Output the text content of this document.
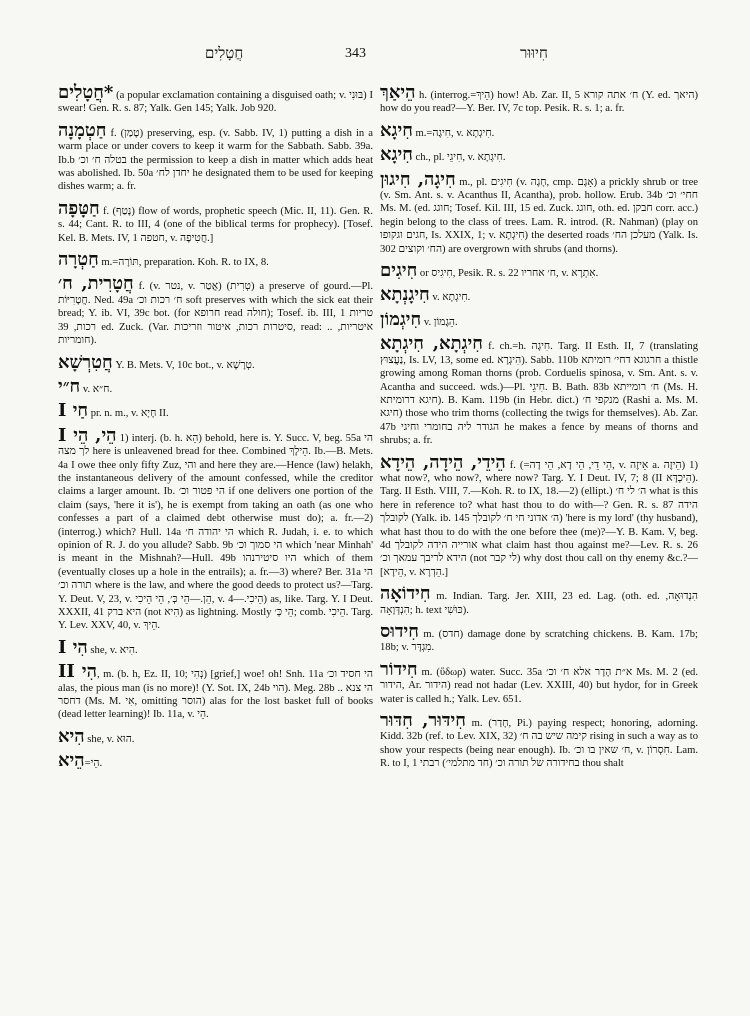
חֲטָלִים	343	חִיוּוּר

*חֲטָלִים (a popular exclamation containing a disguised oath; v. בּוּנִי) I swear! Gen. R. s. 87; Yalk. Gen 145; Yalk. Job 920.

חַטְמָנָה f. (טָמַן) preserving, esp. (v. Sabb. IV, 1) putting a dish in a warm place or under covers to keep it warm for the Sabbath. Sabb. 39a. Ib.b בטלה ח׳ וכ׳ the permission to keep a dish in matter which adds heat was abolished. Ib. 50a יחדן לח׳ he designated them to be used for keeping dishes warm; a. fr.

חַטָּפָה f. (נָטַף) flow of words, prophetic speech (Mic. II, 11). Gen. R. s. 44; Cant. R. to III, 4 (one of the biblical terms for prophecy). [Tosef. Kel. B. Mets. IV, 1 חטפה, v. חֲטִיפָה.]

חַטְרָה m.=תּוֹרָה, preparation. Koh. R. to IX, 8.

חֲטָרִית, ח׳ f. (v. נטר, v. אֲטַר) (טְרִית) a preserve of gourd.—Pl. חֲטָרִיּוֹת. Ned. 49a ח׳ רכות וכ׳ soft preserves with which the sick eat their bread; Y. ib. VI, 39c bot. (for חרופא read חולה); Tosef. ib. III, 1 טריות רכות, 39 ed. Zuck. (Var. סיטרות רכות, איטור וזריכות, read: .. איטריות, חומריות).

חֲטִרְשָׁא Y. B. Mets. V, 10c bot., v. טְרָשָׁא.

ח״י v. ח״א.

חַי I pr. n. m., v. חָיָא II.

הֵי, הֵי I 1) interj. (b. h. הֵא) behold, here is. Y. Succ. V, beg. 55a הי לך מצה here is unleavened bread for thee. Combined הֵילָךְ. Ib.—B. Mets. 4a I owe thee only fifty Zuz, והי and here they are.—Hence (law) helakh, the instantaneous delivery of the amount confessed, while the creditor claims a larger amount. Ib. הי פטור וכ׳ if one delivers one portion of the claim (says, 'here it is'), he is exempt from taking an oath (as one who confesses a part of a claimed debt otherwise must do); a. fr.—2) (interrog.) which? Hull. 14a הי יהודה ח׳ which R. Judah, i. e. to which opinion of R. J. do you allude? Sabb. 9b הי סמוך וכ׳ which 'near Minhah' is meant in the Mishnah?—Hull. 49b היו סיטירנהו which of them (eventually closes up a hole in the entrails); a. fr.—3) where? Ber. 31a הי תורה וכ׳ where is the law, and where the good deeds to protect us?—Targ. Y. Deut. V, 23, v. הֵן.—הֵי כְּ׳, הֵי הֵיכִי, v. הֵיכִי.—4) as, like. Targ. Y. I Deut. XXXII, 41 היא ברק (not הִיא) as lightning. Mostly הֵי כְּ׳; comb. הֵיכִי. Targ. Y. Lev. XXV, 40, v. הֵיךְ.

הִי I she, v. הִיא.

הִי II, m. (b. h, Ez. II, 10; נְהִי) [grief,] woe! oh! Snh. 11a הי חסיד וכ׳ alas, the pious man (is no more)! (Y. Sot. IX, 24b הוי). Meg. 28b הי צנא .. דחסר (Ms. M. אִי, omitting הוסר) alas for the lost basket full of books (dead letter learning)! Ib. 11a, v. הֵי.

הִיא she, v. הוּא.

הֵיא=הֵי.

הֵיאַךְ h. (interrog.=הֵיךְ) how! Ab. Zar. II, 5 ח׳ אתה קורא (Y. ed. היאך) how do you read?—Y. Ber. IV, 7c top. Pesik. R. s. 1; a. fr.

חִיגָא m.=חִיגָה, v. חִיגְתָא.

חִיגָא ch., pl. חִיגֵי, v. חִיגְתָא.

חִיגָה, חִיגוּן m., pl. חִיגִים (v. חָגָה, cmp. אָגָם) a prickly shrub or tree (v. Sm. Ant. s. v. Acanthus II, Acantha), prob. hollow. Erub. 34b חחי׳ וכ׳ Ms. M. (ed. חוגג; Tosef. Kil. III, 15 ed. Zuck. חוגג, oth. ed. חבקן corr. acc.) hegin belong to the class of trees. Lam. R. introd. (R. Nahman) (play on חגים וגקופו, Is. XXIX, 1; v. חִיגְתָא) the deserted roads מעלכן הח׳ (Yalk. Is. 302 הח׳ וקוצים) are overgrown with shrubs (and thorns).

חִיגִים or חִיגִיס, Pesik. R. s. 22 ח׳ אחריו, v. אִתְרָא.

חִיגָנְתָא v. חִיגְתָא.

חִיגְמוֹן v. הֵגֶמוֹן.

חִיגְתָא, חִיגְתָא f. ch.=h. חִיגָה. Targ. II Esth. II, 7 (translating נַעֲצוּץ, Is. LV, 13, some ed. הִיגְרָא). Sabb. 110b חרגוגא דחי׳ רומיתא a thistle growing among Roman thorns (prob. Corduelis spinosa, v. Sm. Ant. s. v. Acantha and succeed. wds.)—Pl. חִיגֵי. B. Bath. 83b ח׳ רומייתא (Ms. H. חיגא דרומיתא). B. Kam. 119b (in Hebr. dict.) מנקפי ח׳ (Rashi a. Ms. M. חיגא) those who trim thorns (collecting the twigs for themselves). Ab. Zar. 47b הגודר ליה בחומרי וחיגי he makes a fence by means of thorns and shrubs; a. fr.

הֵידֵי, הֵידָה, הֵידָא f. (=הֵי דֵי, הֵי דָא, הֵי דָה, v. אֵיזֶה a. הֵיזֶה) 1) what now?, who now?, where now? Targ. Y. I Deut. IV, 7; 8 (II הֵיכְדָּא). Targ. II Esth. VIII, 7.—Koh. R. to IX, 18.—2) (ellipt.) ה׳ לי ח׳ what is this here in reference to? what hast thou to do with—? Gen. R. s. 87 הידה לקובלך (Yalk. ib. 145 ה׳ אדוני חי ח׳ לקובלך) 'here is my lord' (thy husband), what hast thou to do with the one before thee (me)?—Y. B. Kam. V, beg. 4d אורייה הידה לקובלך what claim hast thou against me?—Lev. R. s. 26 הידא לריבך עמאך וכ׳ (not לי קבר) why dost thou call on thy enemy &c.?—[הֵידָא, v. הֵדְרָא.]

חִידוֹאָה m. Indian. Targ. Jer. XIII, 23 ed. Lag. (oth. ed. הִנְדוּאָה, הִנְדְּוָאָה; h. text כּוּשִׁי).

חִידוּס m. (חדס) damage done by scratching chickens. B. Kam. 17b; 18b; v. מִגְדָּר.

חִידוֹר m. (ὕδωρ) water. Succ. 35a א״ת הָדָר אלא ח׳ וכ׳ Ms. M. 2 (ed. הידור, Ar. הידור) read not hadar (Lev. XXIII, 40) but hydor, for in Greek water is called h.; Yalk. Lev. 651.

חִידּוּר, חִדּוּר m. (חָדַר, Pi.) paying respect; honoring, adorning. Kidd. 32b (ref. to Lev. XIX, 32) קימה שיש בה ח׳ rising in such a way as to show your respects (being near enough). Ib. ח׳ שאין בו וכ׳, v. חִסְרוֹן. Lam. R. to I, 1 בחידורה של תורה וכ׳ (חד מתלמי׳) רבתי thou shalt
